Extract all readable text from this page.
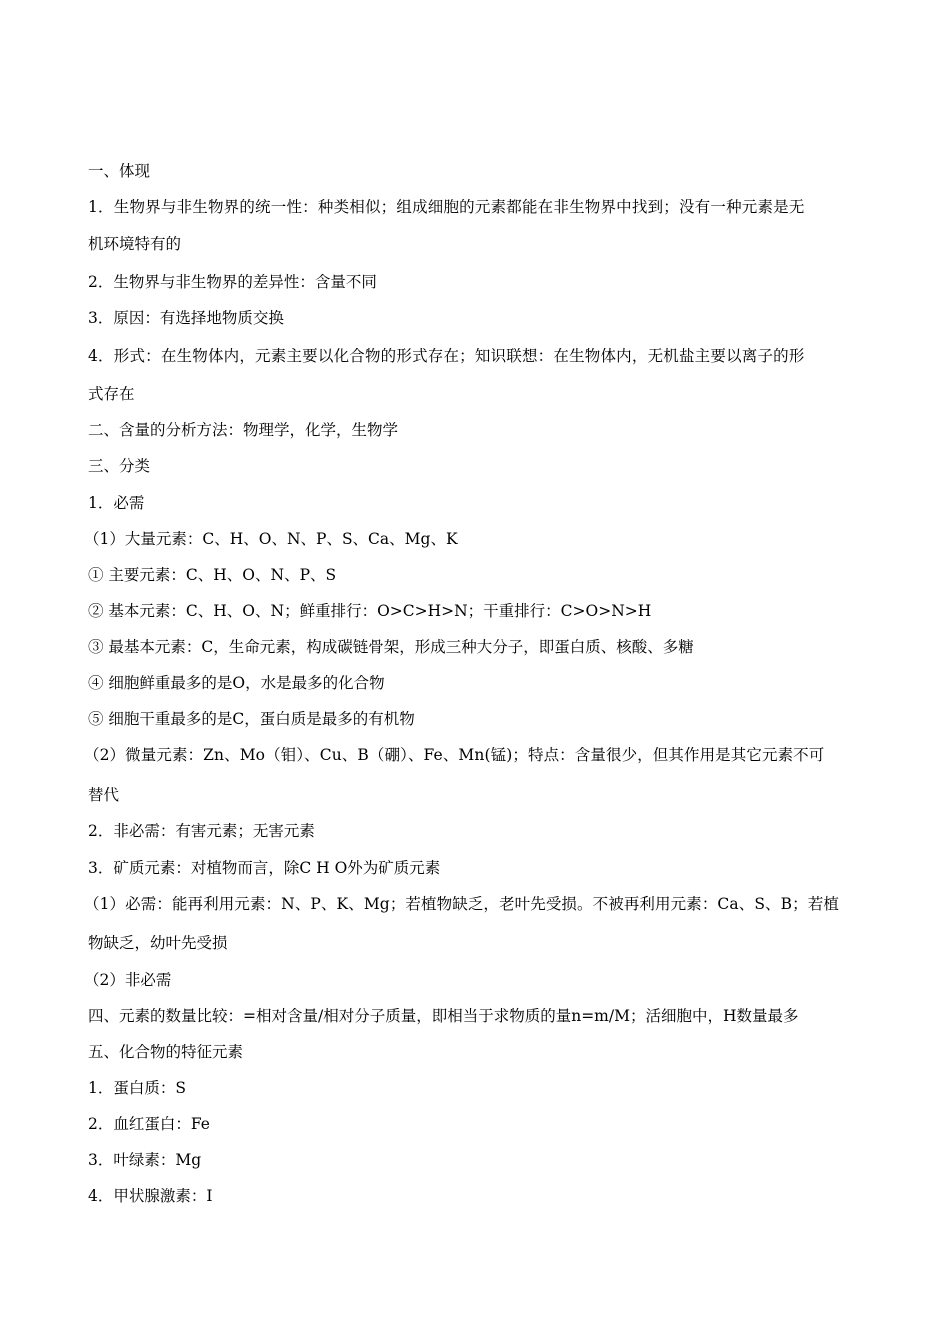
一、体现
1．生物界与非生物界的统一性：种类相似；组成细胞的元素都能在非生物界中找到；没有一种元素是无
机环境特有的
2．生物界与非生物界的差异性：含量不同
3．原因：有选择地物质交换
4．形式：在生物体内，元素主要以化合物的形式存在；知识联想：在生物体内，无机盐主要以离子的形
式存在
二、含量的分析方法：物理学，化学，生物学
三、分类
1．必需
（1）大量元素：C、H、O、N、P、S、Ca、Mg、K
① 主要元素：C、H、O、N、P、S
② 基本元素：C、H、O、N；鲜重排行：O>C>H>N；干重排行：C>O>N>H
③ 最基本元素：C，生命元素，构成碳链骨架，形成三种大分子，即蛋白质、核酸、多糖
④ 细胞鲜重最多的是O，水是最多的化合物
⑤ 细胞干重最多的是C，蛋白质是最多的有机物
（2）微量元素：Zn、Mo（钼）、Cu、B（硼）、Fe、Mn(锰)；特点：含量很少，但其作用是其它元素不可
替代
2．非必需：有害元素；无害元素
3．矿质元素：对植物而言，除C H O外为矿质元素
（1）必需：能再利用元素：N、P、K、Mg；若植物缺乏，老叶先受损。不被再利用元素：Ca、S、B；若植
物缺乏，幼叶先受损
（2）非必需
四、元素的数量比较：=相对含量/相对分子质量，即相当于求物质的量n=m/M；活细胞中，H数量最多
五、化合物的特征元素
1．蛋白质：S
2．血红蛋白：Fe
3．叶绿素：Mg
4．甲状腺激素：I
